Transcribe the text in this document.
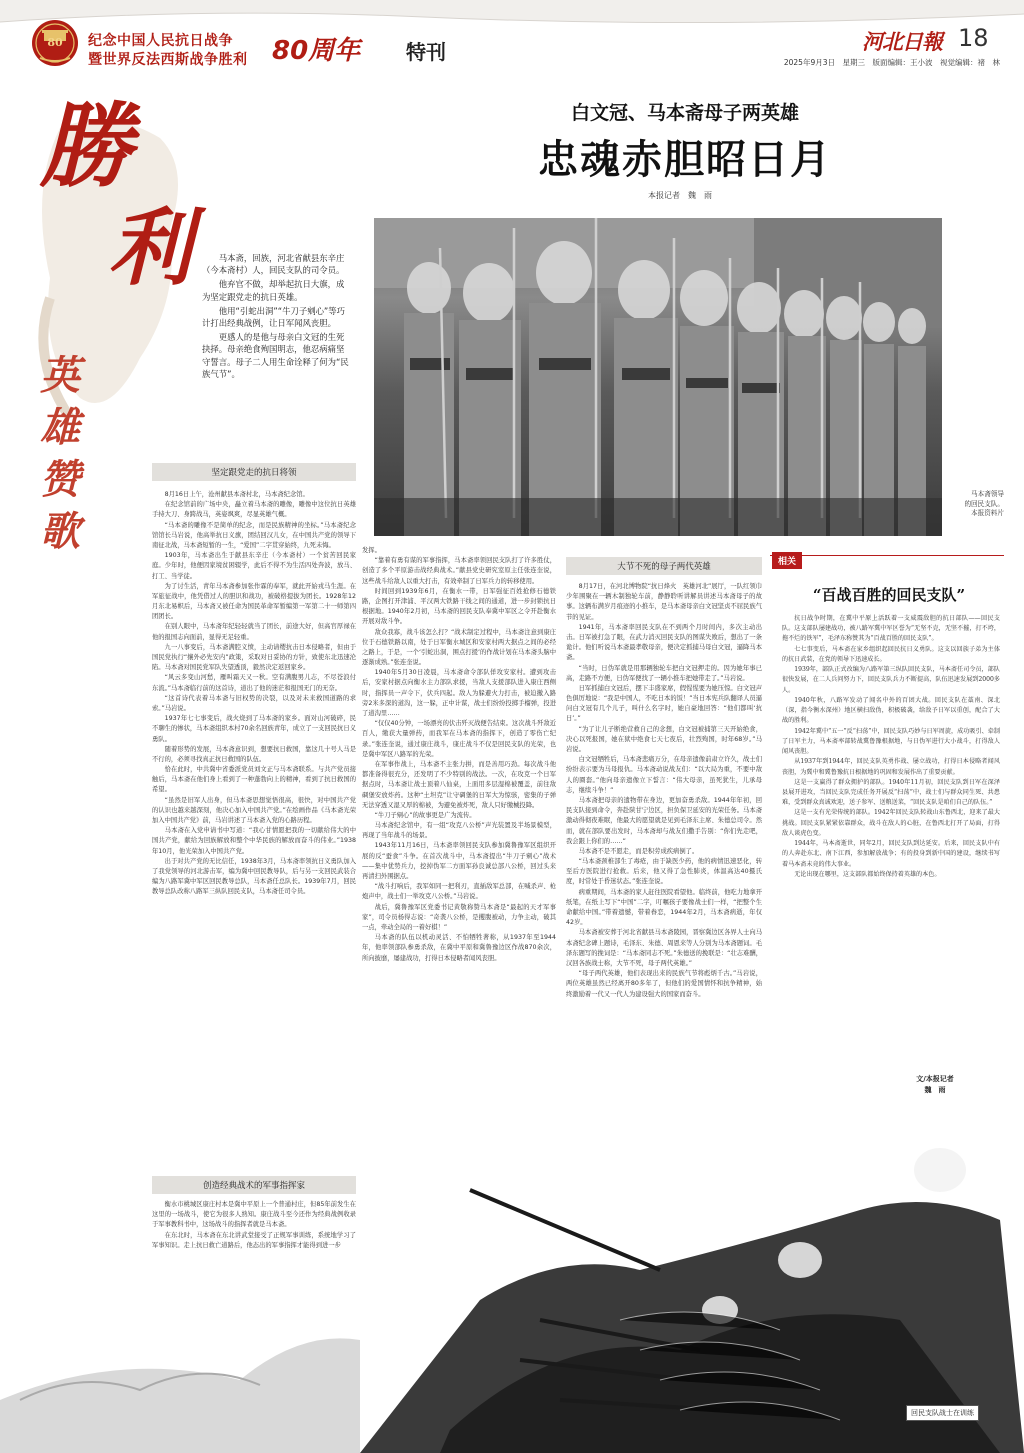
80	纪念中国人民抗日战争
暨世界反法西斯战争胜利 80周年 特刊	河北日報 18
2025年9月3日　星期三　版面编辑：王小波　视觉编辑：褚　林
勝
利
英
雄
赞
歌

马本斋，回族，河北省献县东辛庄（今本斋村）人，回民支队的司令员。

他弃官不做，却举起抗日大旗，成为坚定跟党走的抗日英雄。

他用“引蛇出洞”“牛刀子剜心”等巧计打出经典战例，让日军闻风丧胆。

更感人的是他与母亲白文冠的生死抉择。母亲绝食殉国明志，他忍病痛坚守誓言。母子二人用生命诠释了何为“民族气节”。

白文冠、马本斋母子两英雄
忠魂赤胆昭日月
本报记者　魏　雨
马本斋领导
的回民支队。
本报资料片
坚定跟党走的抗日将领

8月16日上午，沧州献县本斋村北，马本斋纪念馆。

在纪念馆前的广场中央，矗立着马本斋的雕像，雕像中这位抗日英雄手持大刀、身跨战马，英姿飒爽，尽显英雄气概。

“马本斋的雕像不是简单的纪念，而是民族精神的坐标。”马本斋纪念馆馆长马岩说，他高举抗日义旗，团结回汉儿女，在中国共产党的领导下南征北战，马本斋短暂的一生，“爱国”二字贯穿始终，九死未悔。

1903年，马本斋出生于献县东辛庄（今本斋村）一个贫苦回民家庭。少年时，他便因家境贫困辍学，此后不得不为生活四处奔波，放马、打工、当学徒。

为了讨生活，青年马本斋参加张作霖的奉军，就此开始戎马生涯。在军旅征战中，他凭借过人的胆识和战功，被破格提拔为团长。1928年12月东北易帜后，马本斋又被任命为国民革命军暂编第一军第二十一师第四团团长。

在别人眼中，马本斋年纪轻轻就当了团长，前途大好，但高官厚禄在他的报国志向面前，显得无足轻重。

九一八事变后，马本斋满腔义愤，主动请缨抗击日本侵略者，但由于国民党执行“攘外必先安内”政策，采取对日妥协的方针，致使东北迅速沦陷。马本斋对国民党军队失望透顶，毅然决定返回家乡。

“风云多变山河愁，雁叫霜天又一秋。空有满腹男儿志，不尽苍浪付东流。”马本斋临行前的这首诗，道出了他的迷茫和报国无门的无奈。

“这首诗代表着马本斋与旧权势的决裂，以及对未来救国道路的求索。”马岩说。

1937年七七事变后，战火烧到了马本斋的家乡。面对山河破碎，民不聊生的惨状，马本斋组织本村70余名回族青年，成立了一支回民抗日义勇队。

随着形势的发展，马本斋意识到，想要抗日救国，靠这几十号人马是不行的，必须寻找真正抗日救国的队伍。

恰在此时，中共冀中省委派党员刘文正与马本斋联系。与共产党员接触后，马本斋在他们身上看到了一种蓬勃向上的精神，看到了抗日救国的希望。

“虽然是旧军人出身，但马本斋思想觉悟很高，很快，对中国共产党的认识也越来越深刻，他决心加入中国共产党。”在绘画作品《马本斋光荣加入中国共产党》前，马岩讲述了马本斋入党的心路历程。

马本斋在入党申请书中写道：“我心甘情愿把我的一切献给伟大的中国共产党，献给为回族解放和整个中华民族的解放而奋斗的伟业。”1938年10月，他光荣加入中国共产党。

出于对共产党的无比信任，1938年3月，马本斋率领抗日义勇队加入了我党领导的河北游击军，编为冀中回民教导队，后与另一支回民武装合编为八路军冀中军区回民教导总队，马本斋任总队长。1939年7月，回民教导总队改称八路军三纵队回民支队，马本斋任司令员。

创造经典战术的军事指挥家

衡水市桃城区康庄村本是冀中平原上一个普通村庄，但85年前发生在这里的一场战斗，使它为很多人熟知。康庄战斗至今还作为经典战例收录于军事教科书中，这场战斗的指挥者就是马本斋。

在东北时，马本斋在东北讲武堂接受了正规军事训练，系统地学习了军事知识。走上抗日救亡道路后，他态出的军事指挥才能得到进一步

发挥。

“靠着有勇有谋的军事指挥，马本斋率领回民支队打了许多胜仗，创造了多个平原游击战经典战术。”献县党史研究室原主任张连奎说，这些战斗给敌人以重大打击，有效牵制了日军兵力的转移使用。

时间回到1939年6月，在衡水一带，日军强征百姓抢修石德铁路，企图打开津浦、平汉两大铁路干线之间的通道，进一步封锁抗日根据地。1940年2月初，马本斋的回民支队奉冀中军区之令开赴衡水开展对敌斗争。

敌众我寡，战斗该怎么打？“战术制定过程中，马本斋注意到康庄位于石德铁路以南，处于日军衡水城区和安家村两大据点之间的必经之路上，于是，一个‘引蛇出洞，围点打援’的作战计划在马本斋头脑中逐渐成熟。”张连奎说。

1940年5月30日凌晨，马本斋命令部队佯攻安家村。遭到攻击后，安家村据点向衡水主力部队求援，当敌人支援部队进入康庄西侧时，指挥员一声令下，伏兵四起。敌人为躲避火力打击，被迫撤入路旁2米多深的道沟，这一躲，正中计谋，战士们纷纷投掷手榴弹，投进了道沟里……

“仅仅40分钟，一场漂亮的伏击歼灭战便告结束。这次战斗歼敌近百人，缴获大量弹药，而我军在马本斋的指挥下，创造了零伤亡纪录。”张连奎说，通过康庄战斗，康庄战斗不仅是回民支队的光荣，也是冀中军区八路军的光荣。

在军事作战上，马本斋不主张力拼，而是善用巧劲。每次战斗他都准备得很充分，还发明了不少特别的战法。一次，在攻克一个日军据点时，马本斋让战士顶着八仙桌，上面用多层湿棉被覆盖，前往敌碉堡安放炸药。这种“土坦克”让守碉堡的日军大为惊骇，密集的子弹无法穿透又湿又厚的棉被，为避免被炸死，敌人只好缴械投降。

“牛刀子剜心”的故事更是广为流传。

马本斋纪念馆中，有一组“攻克八公桥”声光装置及半场景模型，再现了当年战斗的场景。

1943年11月16日，马本斋率领回民支队参加冀鲁豫军区组织开展的反“蚕食”斗争。在首次战斗中，马本斋提出“牛刀子剜心”战术——集中优势兵力，挖掉伪军二方面军孙良诚总部八公桥，回过头来再清扫外围据点。

“战斗打响后，我军如同一把利刃，直插敌军总部，在喊杀声、枪炮声中，战士们一举攻克八公桥。”马岩说。

战后，冀鲁豫军区党委书记黄敬称赞马本斋是“最起的天才军事家”，司令员杨得志说：“奇袭八公桥，是攫腹被动，力争主动，破其一点，牵动全局的一着好棋！”

马本斋的队伍以机动灵活、不怕牺牲著称，从1937年至1944年，他率领部队参勇杀敌，在冀中平原和冀鲁豫边区作战870余次，所向披靡，屡建战功，打得日本侵略者闻风丧胆。

大节不死的母子两代英雄

8月17日，在河北博物院“抗日烽火　英雄河北”展厅，一队红领巾少年围聚在一辆木制独轮车前，静静聆听讲解员讲述马本斋母子的故事。这辆布满岁月痕迹的小推车，是马本斋母亲白文冠坚贞不屈民族气节的见证。

1941年，马本斋率回民支队在不到两个月时间内，多次主动出击。日军被打急了眼，在武力消灭回民支队的图谋失败后，想出了一条诡计。他们听说马本斋最孝敬母亲，便决定抓捕马母白文冠，逼降马本斋。

“当时，日伪军就是用那辆独轮车把白文冠押走的。因为她年事已高，走路不方便，日伪军便找了一辆小推车把她带走了。”马岩说。

日军抓捕白文冠后，摆下丰盛家席，假惺惺要为她压惊。白文冠声色俱厉地说：“我是中国人，不吃日本的饭！”当日本宪兵队翻译人员逼问白文冠有几个儿子，叫什么名字时，她自豪地回答：“他们都叫‘抗日’。”

“为了让儿子断绝营救自己的念想，白文冠被捕第三天开始绝食，决心以死报国，她在狱中绝食七天七夜后，壮烈殉国，时年68岁。”马岩说。

白文冠牺牲后，马本斋悲痛万分，在母亲遗像前肃立许久，战士们纷纷表示要为马母报仇。马本斋动说战友们：“以大局为重，不要中敌人的圈套。”他向母亲遗像立下誓言：“伟大母亲，虽死犹生，儿承母志，继续斗争！”

马本斋把母亲的遗物带在身边，更加奋勇杀敌。1944年年初，回民支队接到命令，奔赴陕甘宁边区，担负保卫延安的光荣任务。马本斋激动得彻夜难眠，他最大的愿望就是见到毛泽东主席、朱德总司令。然而，就在部队要出发时，马本斋却与战友们撒手告别：“你们先走吧，我会跟上你们的……”

马本斋不是不愿走，而是积劳成疾病倒了。

“马本斋颈椎部生了毒疮，由于缺医少药，他的病情迅速恶化，转至后方医院进行抢救。后来，他又得了急性肺炎，体温高达40摄氏度，时常处于昏迷状态。”张连奎说。

病重期间，马本斋的家人赶往医院看望他。临终前，他吃力地拿开纸笔，在纸上写下“中国”二字，叮嘱孩子要像战士们一样，“把整个生命献给中国。”带着遗憾，带着眷恋，1944年2月，马本斋病逝，年仅42岁。

马本斋被安葬于河北省献县马本斋陵园，晋察冀边区各界人士向马本斋纪念碑上题诗，毛泽东、朱德、周恩来等人分别为马本斋题词。毛泽东题写的挽词是：“马本斋同志不死。”朱德送的挽联是：“壮志难酬，汉回各族战士称，大节不死，母子两代英雄。”

“母子两代英雄，他们表现出来的民族气节将彪炳千古。”马岩说，两位英雄虽然已经离开80多年了，但他们的爱国情怀和抗争精神，始终激励着一代又一代人为建设强大的国家而奋斗。

相关
“百战百胜的回民支队”

抗日战争时期，在冀中平原上活跃着一支威震敌胆的抗日部队——回民支队。这支部队屡建战功，被八路军冀中军区誉为“无坚不克，无坚不摧，打不垮，拖不烂的铁军”，毛泽东称赞其为“百战百胜的回民支队”。

七七事变后，马本斋在家乡组织起回民抗日义勇队。这支以回族子弟为主体的抗日武装，在党的领导下迅速成长。

1939年，部队正式改编为八路军第三纵队回民支队，马本斋任司令员，部队很快发展，在二人兵问努力下，回民支队兵力不断提高，队伍迅速发展到2000多人。

1940年秋，八路军发动了闻名中外的百团大战。回民支队在藁南、深北（深，指今衡水深州）地区横扫敌伪，积极破袭，给敌予日军以重创，配合了大战的胜利。

1942年冀中“五一”反“扫荡”中，回民支队巧妙与日军周旋，成功吸引、牵制了日军主力，马本斋率部转战冀鲁豫根据地，与日伪军进行大小战斗，打得敌人闻风丧胆。

从1937年到1944年，回民支队英勇作战、屡立战功，打得日本侵略者闻风丧胆，为冀中和冀鲁豫抗日根据地的巩固和发展作出了重要贡献。

这是一支赢得了群众拥护的部队。1940年11月初，回民支队到日军在深泽县展开进攻，当回民支队完成任务开展反“扫荡”中，战士们与群众同生死、共患难，受到群众真诚欢迎，送子参军、送粮送菜，“回民支队是咱们自己的队伍。”

这是一支有光荣传统的部队。1942年回民支队转战山东鲁西北，迎来了最大挑战。回民支队紧紧依靠群众，战斗在敌人的心脏，在鲁西北打开了局面，打得敌人谈虎色变。

1944年，马本斋逝世，同年2月，回民支队到达延安。后来，回民支队中有的人奔赴东北、南下江西，参加解放战争；有的投身到新中国的建设，继续书写着马本斋未竟的伟大事业。

无论出现在哪里，这支部队都始终保持着英雄的本色。

文/本报记者
魏　雨
回民支队战士在训练
